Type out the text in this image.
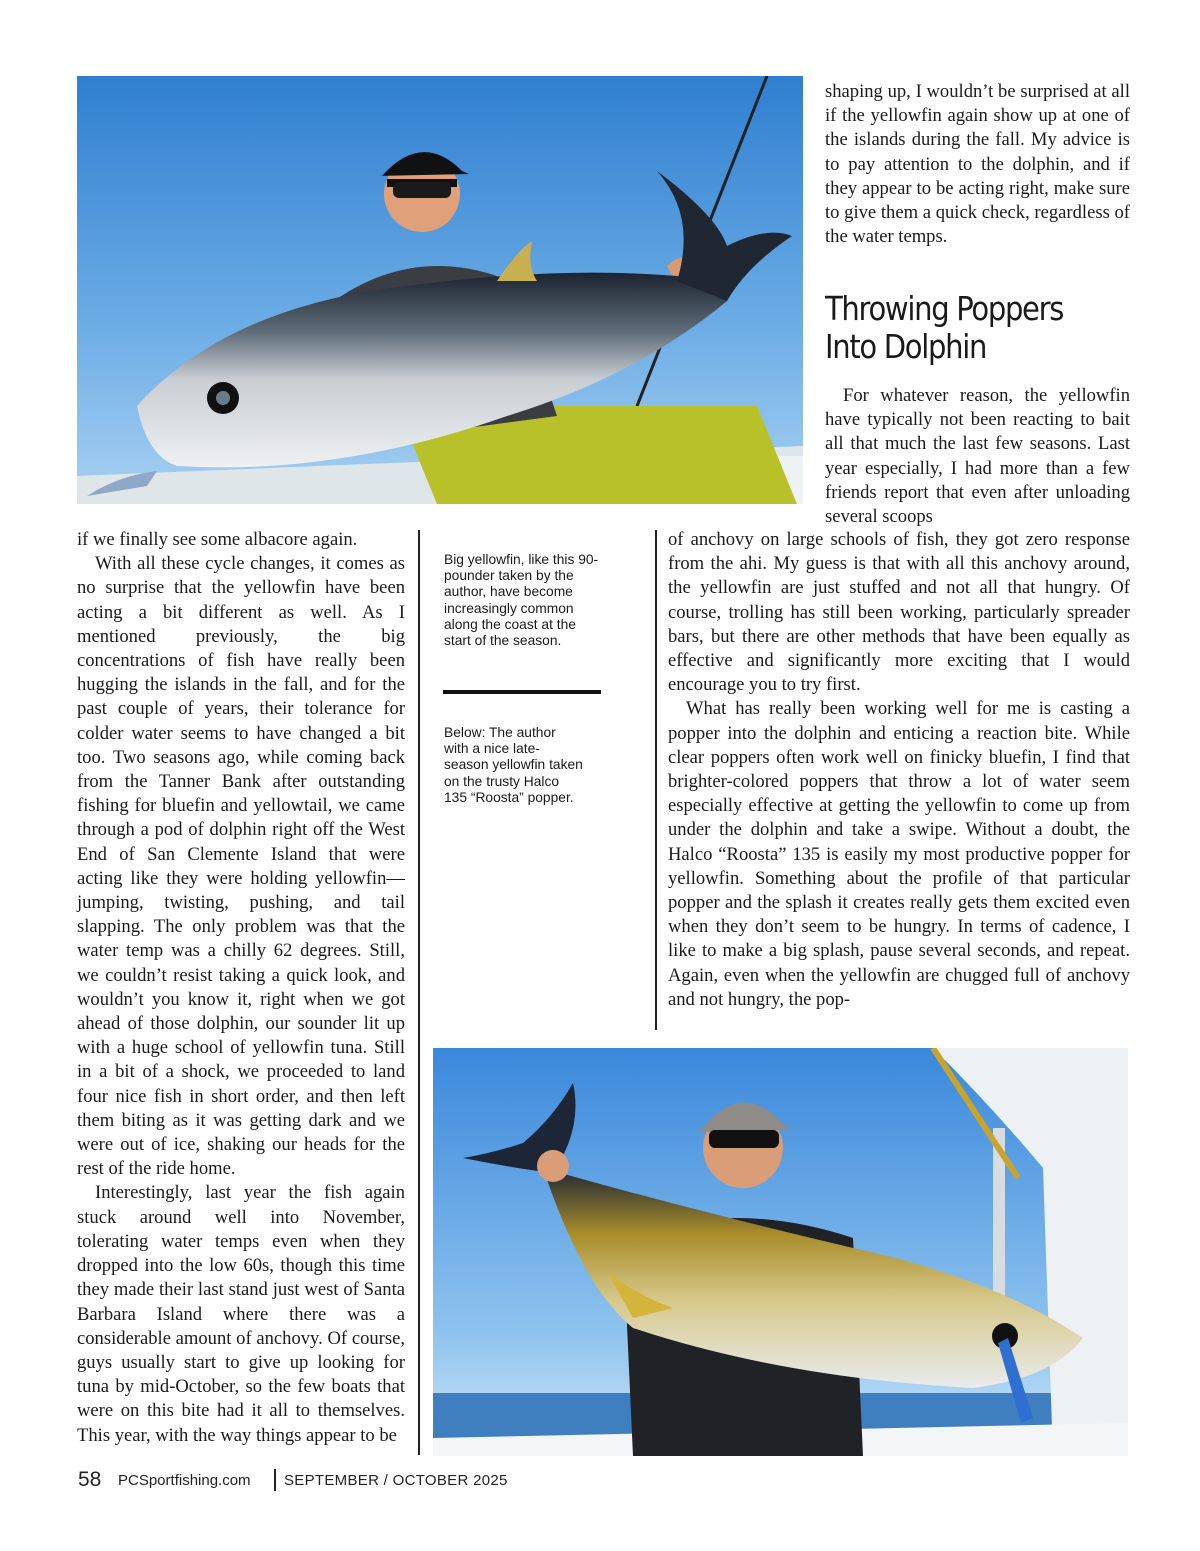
shaping up, I wouldn’t be surprised at all if the yellowfin again show up at one of the islands during the fall. My advice is to pay attention to the dolphin, and if they appear to be acting right, make sure to give them a quick check, regardless of the water temps.

Throwing Poppers
Into Dolphin

For whatever reason, the yellowfin have typically not been reacting to bait all that much the last few seasons. Last year especially, I had more than a few friends report that even after unloading several scoops

of anchovy on large schools of fish, they got zero response from the ahi. My guess is that with all this anchovy around, the yellowfin are just stuffed and not all that hungry. Of course, trolling has still been working, particularly spreader bars, but there are other methods that have been equally as effective and significantly more exciting that I would encourage you to try first.

What has really been working well for me is casting a popper into the dolphin and enticing a reaction bite. While clear poppers often work well on finicky bluefin, I find that brighter-colored poppers that throw a lot of water seem especially effective at getting the yellowfin to come up from under the dolphin and take a swipe. Without a doubt, the Halco “Roosta” 135 is easily my most productive popper for yellowfin. Something about the profile of that particular popper and the splash it creates really gets them excited even when they don’t seem to be hungry. In terms of cadence, I like to make a big splash, pause several seconds, and repeat. Again, even when the yellowfin are chugged full of anchovy and not hungry, the pop-

if we finally see some albacore again.

With all these cycle changes, it comes as no surprise that the yellowfin have been acting a bit different as well. As I mentioned previously, the big concentrations of fish have really been hugging the islands in the fall, and for the past couple of years, their tolerance for colder water seems to have changed a bit too. Two seasons ago, while coming back from the Tanner Bank after outstanding fishing for bluefin and yellowtail, we came through a pod of dolphin right off the West End of San Clemente Island that were acting like they were holding yellowfin—jumping, twisting, pushing, and tail slapping. The only problem was that the water temp was a chilly 62 degrees. Still, we couldn’t resist taking a quick look, and wouldn’t you know it, right when we got ahead of those dolphin, our sounder lit up with a huge school of yellowfin tuna. Still in a bit of a shock, we proceeded to land four nice fish in short order, and then left them biting as it was getting dark and we were out of ice, shaking our heads for the rest of the ride home.

Interestingly, last year the fish again stuck around well into November, tolerating water temps even when they dropped into the low 60s, though this time they made their last stand just west of Santa Barbara Island where there was a considerable amount of anchovy. Of course, guys usually start to give up looking for tuna by mid-October, so the few boats that were on this bite had it all to themselves. This year, with the way things appear to be

Big yellowfin, like this 90-pounder taken by the author, have become increasingly common along the coast at the start of the season.
Below: The author with a nice late-season yellowfin taken on the trusty Halco 135 “Roosta” popper.
58 PCSportfishing.com SEPTEMBER / OCTOBER 2025
